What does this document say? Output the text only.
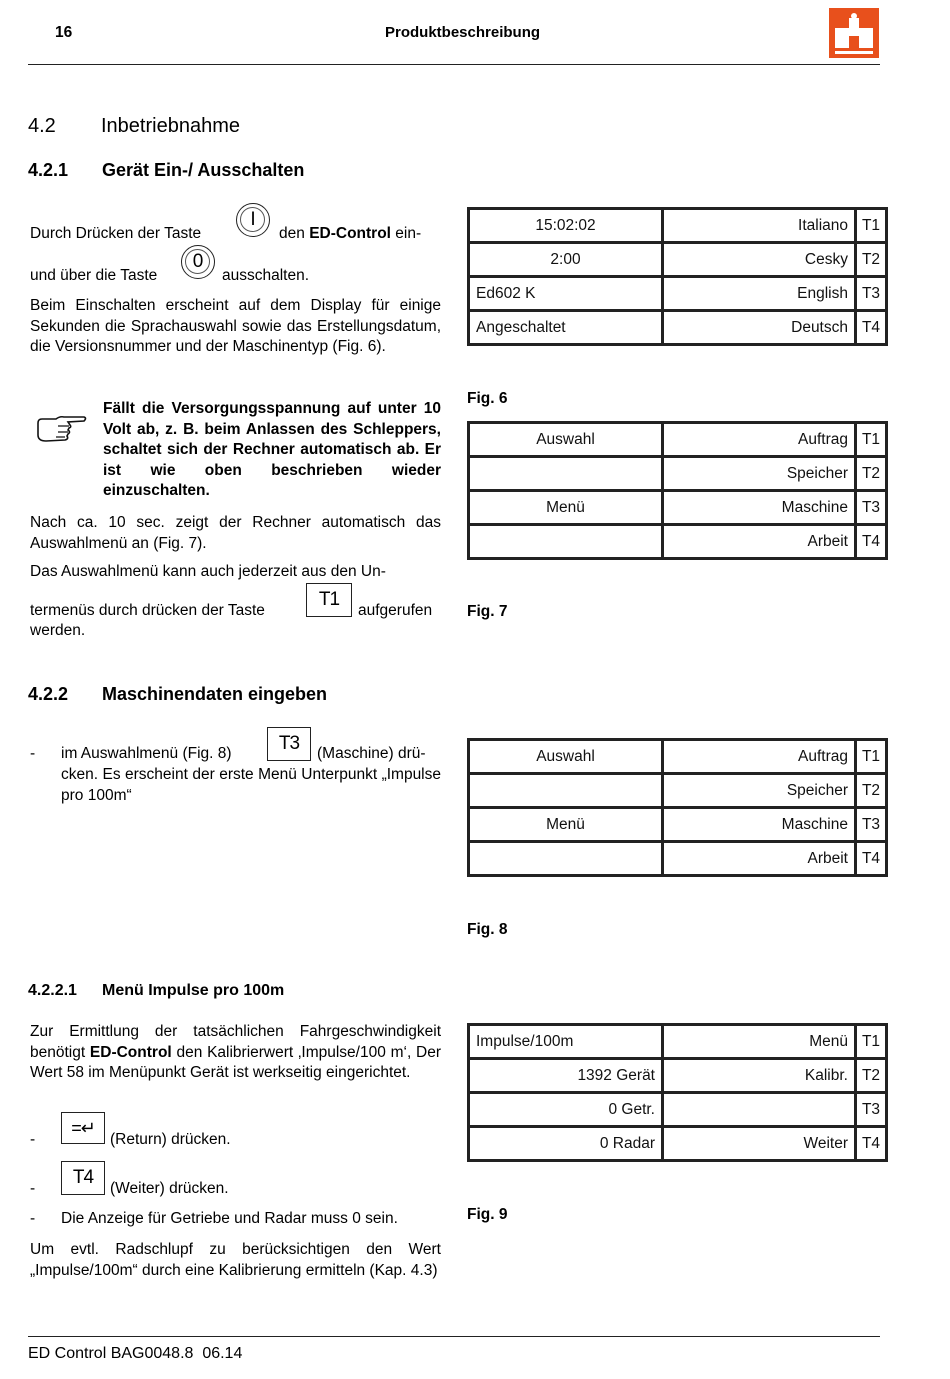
16	Produktbeschreibung
4.2 Inbetriebnahme
4.2.1 Gerät Ein-/ Ausschalten
Durch Drücken der Taste
I
den ED-Control ein-
und über die Taste
0
ausschalten.
Beim Einschalten erscheint auf dem Display für einige Sekunden die Sprachauswahl sowie das Erstellungsdatum, die Versionsnummer und der Maschinentyp (Fig. 6).
Fällt die Versorgungsspannung auf unter 10 Volt ab, z. B. beim Anlassen des Schleppers, schaltet sich der Rechner automatisch ab. Er ist wie oben beschrieben wieder einzuschalten.
Nach ca. 10 sec. zeigt der Rechner automatisch das Auswahlmenü an (Fig. 7).
Das Auswahlmenü kann auch jederzeit aus den Un-
termenüs durch drücken der Taste
T1
aufgerufen
werden.
15:02:02	Italiano	T1
2:00	Cesky	T2
Ed602 K	English	T3
Angeschaltet	Deutsch	T4
Fig. 6
Auswahl	Auftrag	T1
	Speicher	T2
Menü	Maschine	T3
	Arbeit	T4
Fig. 7
4.2.2 Maschinendaten eingeben
- im Auswahlmenü (Fig. 8)	T3	(Maschine) drü-
cken. Es erscheint der erste Menü Unterpunkt „Impulse pro 100m“
Auswahl	Auftrag	T1
	Speicher	T2
Menü	Maschine	T3
	Arbeit	T4
Fig. 8
4.2.2.1 Menü Impulse pro 100m
Zur Ermittlung der tatsächlichen Fahrgeschwindigkeit benötigt ED-Control den Kalibrierwert ‚Impulse/100 m‘, Der Wert 58 im Menüpunkt Gerät ist werkseitig eingerichtet.
-
=↵
(Return) drücken.
-
T4
(Weiter) drücken.
- Die Anzeige für Getriebe und Radar muss 0 sein.
Um evtl. Radschlupf zu berücksichtigen den Wert „Impulse/100m“ durch eine Kalibrierung ermitteln (Kap. 4.3)
Impulse/100m	Menü	T1
1392 Gerät	Kalibr.	T2
0 Getr.		T3
0 Radar	Weiter	T4
Fig. 9
ED Control BAG0048.8  06.14
